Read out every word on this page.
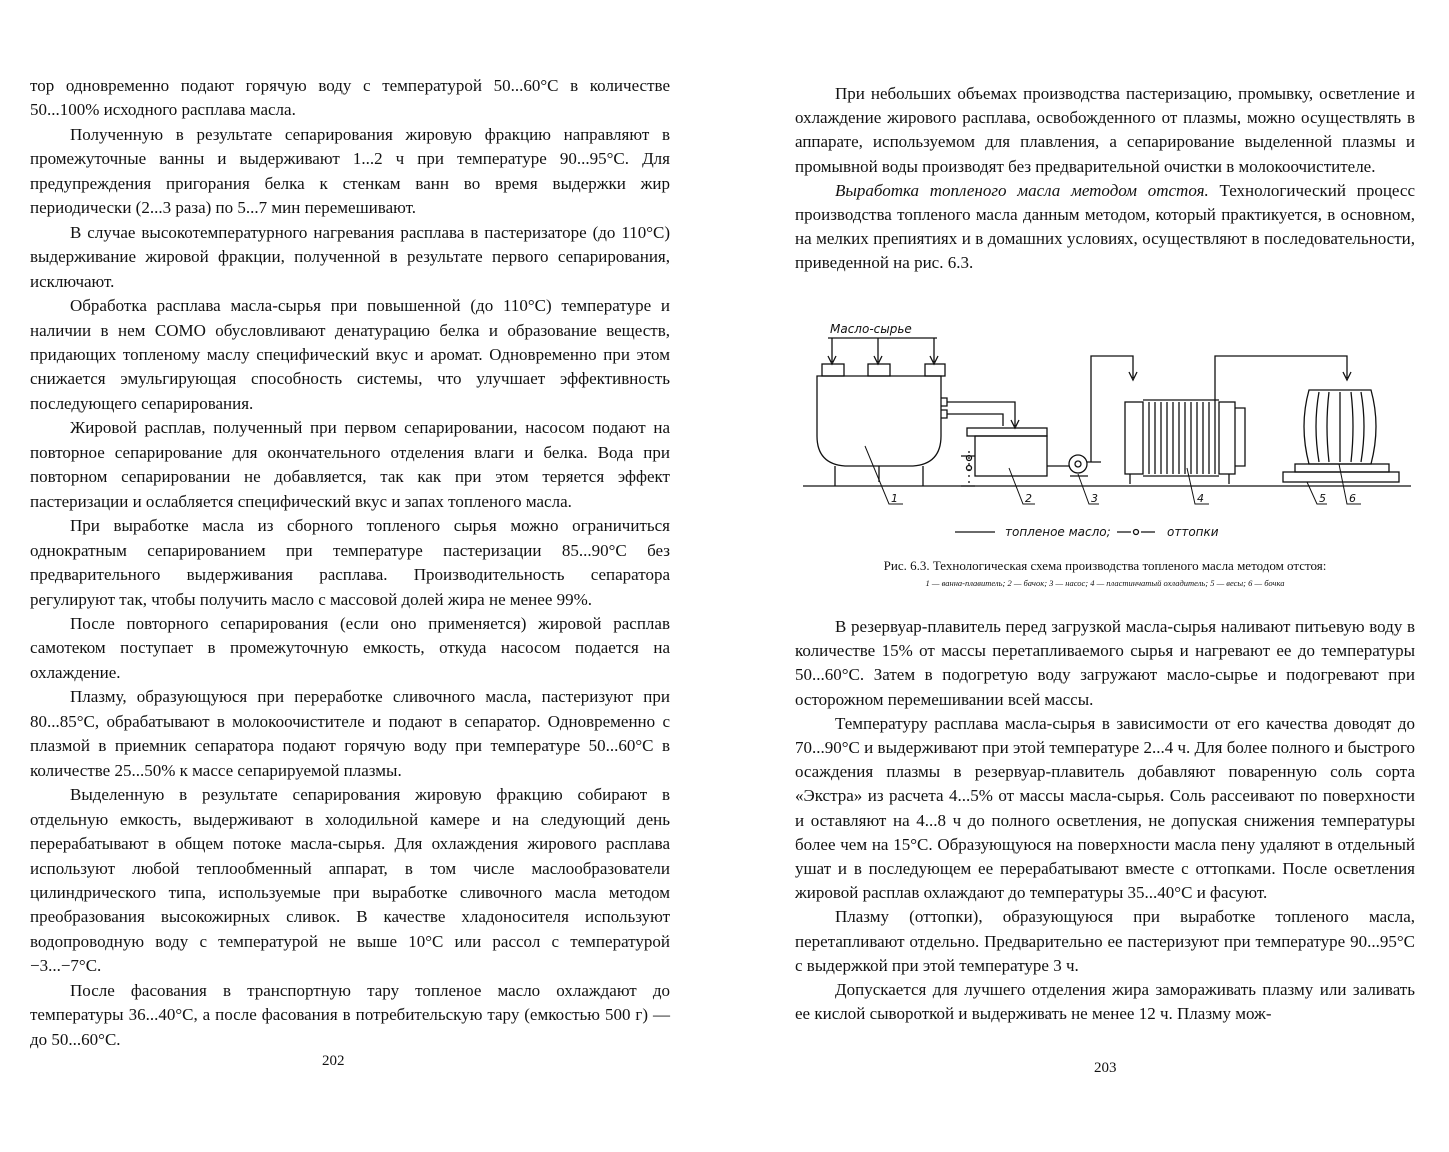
тор одновременно подают горячую воду с температурой 50...60°С в количестве 50...100% исходного расплава масла.

Полученную в результате сепарирования жировую фракцию направляют в промежуточные ванны и выдерживают 1...2 ч при температуре 90...95°С. Для предупреждения пригорания белка к стенкам ванн во время выдержки жир периодически (2...3 раза) по 5...7 мин перемешивают.

В случае высокотемпературного нагревания расплава в пастеризаторе (до 110°С) выдерживание жировой фракции, полученной в результате первого сепарирования, исключают.

Обработка расплава масла-сырья при повышенной (до 110°С) температуре и наличии в нем СОМО обусловливают денатурацию белка и образование веществ, придающих топленому маслу специфический вкус и аромат. Одновременно при этом снижается эмульгирующая способность системы, что улучшает эффективность последующего сепарирования.

Жировой расплав, полученный при первом сепарировании, насосом подают на повторное сепарирование для окончательного отделения влаги и белка. Вода при повторном сепарировании не добавляется, так как при этом теряется эффект пастеризации и ослабляется специфический вкус и запах топленого масла.

При выработке масла из сборного топленого сырья можно ограничиться однократным сепарированием при температуре пастеризации 85...90°С без предварительного выдерживания расплава. Производительность сепаратора регулируют так, чтобы получить масло с массовой долей жира не менее 99%.

После повторного сепарирования (если оно применяется) жировой расплав самотеком поступает в промежуточную емкость, откуда насосом подается на охлаждение.

Плазму, образующуюся при переработке сливочного масла, пастеризуют при 80...85°С, обрабатывают в молокоочистителе и подают в сепаратор. Одновременно с плазмой в приемник сепаратора подают горячую воду при температуре 50...60°С в количестве 25...50% к массе сепарируемой плазмы.

Выделенную в результате сепарирования жировую фракцию собирают в отдельную емкость, выдерживают в холодильной камере и на следующий день перерабатывают в общем потоке масла-сырья. Для охлаждения жирового расплава используют любой теплообменный аппарат, в том числе маслообразователи цилиндрического типа, используемые при выработке сливочного масла методом преобразования высокожирных сливок. В качестве хладоносителя используют водопроводную воду с температурой не выше 10°С или рассол с температурой −3...−7°С.

После фасования в транспортную тару топленое масло охлаждают до температуры 36...40°С, а после фасования в потребительскую тару (емкостью 500 г) — до 50...60°С.

202

При небольших объемах производства пастеризацию, промывку, осветление и охлаждение жирового расплава, освобожденного от плазмы, можно осуществлять в аппарате, используемом для плавления, а сепарирование выделенной плазмы и промывной воды производят без предварительной очистки в молокоочистителе.

Выработка топленого масла методом отстоя. Технологический процесс производства топленого масла данным методом, который практикуется, в основном, на мелких препиятиях и в домашних условиях, осуществляют в последовательности, приведенной на рис. 6.3.

Масло-сырье
1	2	3	4	5 6
топленое масло;	оттопки
Рис. 6.3. Технологическая схема производства топленого масла методом отстоя:
1 — ванна-плавитель; 2 — бачок; 3 — насос; 4 — пластинчатый охладитель; 5 — весы; 6 — бочка

В резервуар-плавитель перед загрузкой масла-сырья наливают питьевую воду в количестве 15% от массы перетапливаемого сырья и нагревают ее до температуры 50...60°С. Затем в подогретую воду загружают масло-сырье и подогревают при осторожном перемешивании всей массы.

Температуру расплава масла-сырья в зависимости от его качества доводят до 70...90°С и выдерживают при этой температуре 2...4 ч. Для более полного и быстрого осаждения плазмы в резервуар-плавитель добавляют поваренную соль сорта «Экстра» из расчета 4...5% от массы масла-сырья. Соль рассеивают по поверхности и оставляют на 4...8 ч до полного осветления, не допуская снижения температуры более чем на 15°С. Образующуюся на поверхности масла пену удаляют в отдельный ушат и в последующем ее перерабатывают вместе с оттопками. После осветления жировой расплав охлаждают до температуры 35...40°С и фасуют.

Плазму (оттопки), образующуюся при выработке топленого масла, перетапливают отдельно. Предварительно ее пастеризуют при температуре 90...95°С с выдержкой при этой температуре 3 ч.

Допускается для лучшего отделения жира замораживать плазму или заливать ее кислой сывороткой и выдерживать не менее 12 ч. Плазму мож-

203
